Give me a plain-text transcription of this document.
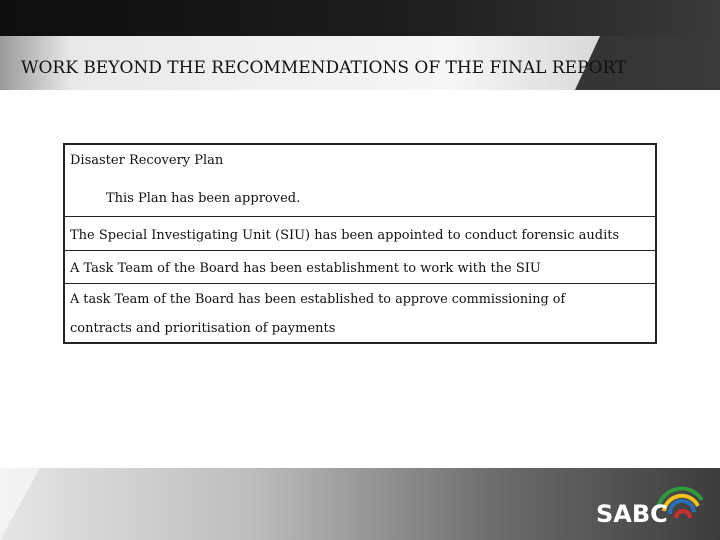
WORK BEYOND THE RECOMMENDATIONS OF THE FINAL REPORT
Disaster Recovery Plan
This Plan has been approved.
The Special Investigating Unit (SIU) has been appointed to conduct forensic audits
A Task Team of the Board has been establishment to work with the SIU
A task Team of the Board has been established to approve commissioning of
contracts and prioritisation of payments
SABC
